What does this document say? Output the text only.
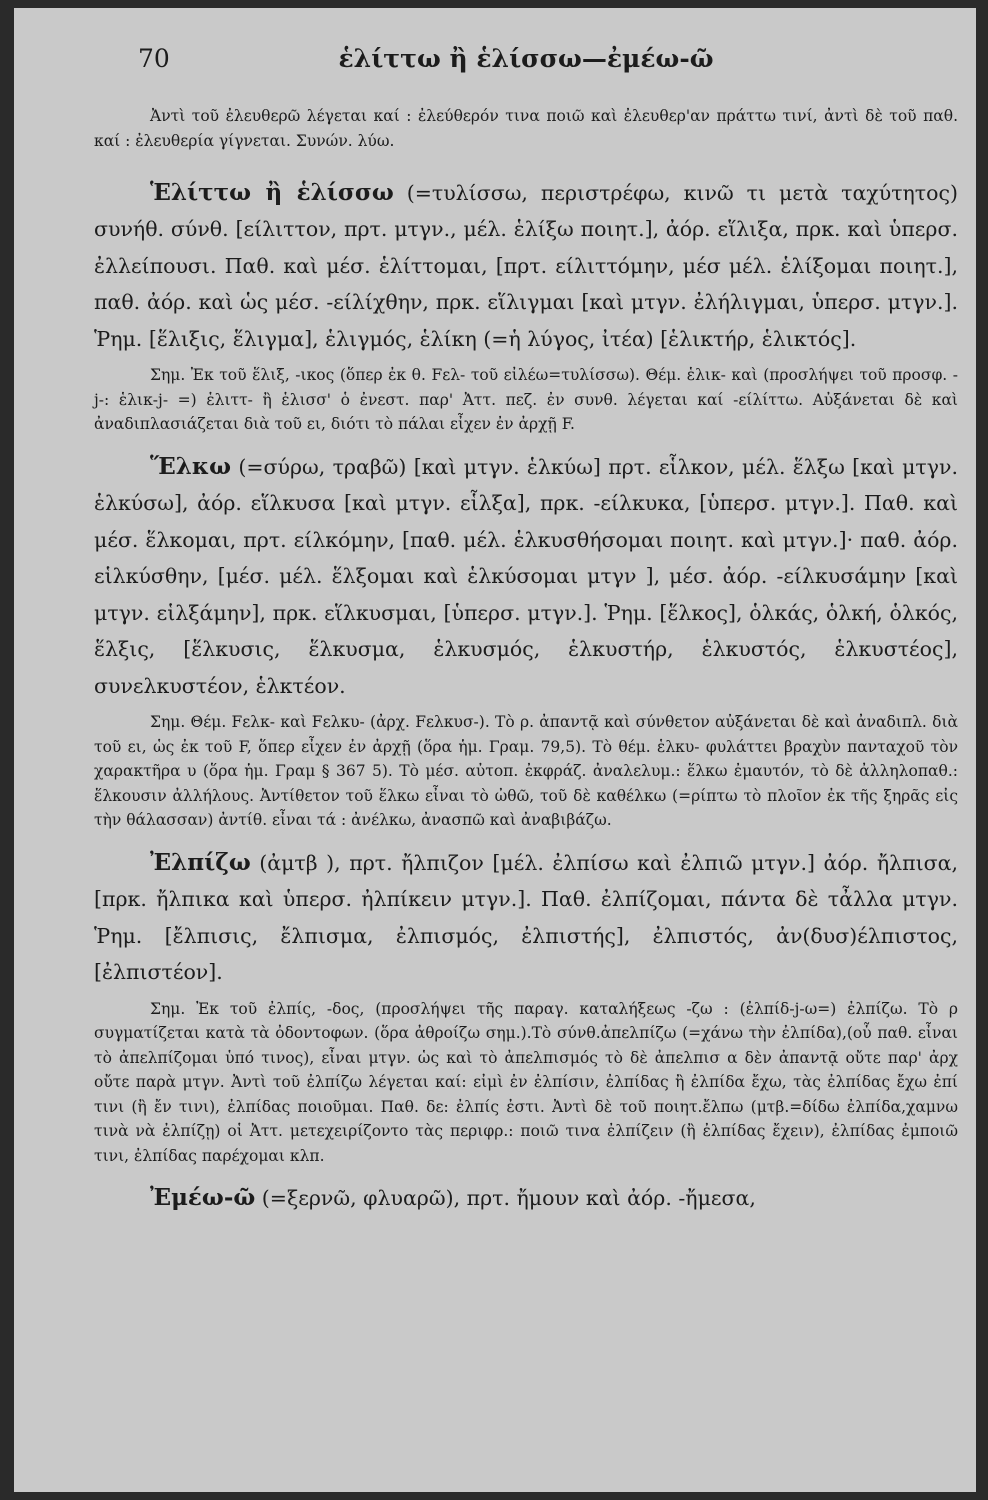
70	ἑλίττω ἢ ἑλίσσω—ἐμέω-ῶ

Ἀντὶ τοῦ ἐλευθερῶ λέγεται καί : ἐλεύθερόν τινα ποιῶ καὶ ἐλευθερ'αν πράττω τινί, ἀντὶ δὲ τοῦ παθ. καί : ἐλευθερία γίγνεται. Συνών. λύω.

Ἑλίττω ἢ ἑλίσσω (=τυλίσσω, περιστρέφω, κινῶ τι μετὰ ταχύτητος) συνήθ. σύνθ. [είλιττον, πρτ. μτγν., μέλ. ἑλίξω ποιητ.], ἀόρ. εἵλιξα, πρκ. καὶ ὑπερσ. ἐλλείπουσι. Παθ. καὶ μέσ. ἑλίττομαι, [πρτ. είλιττόμην, μέσ μέλ. ἑλίξομαι ποιητ.], παθ. ἀόρ. καὶ ὡς μέσ. -είλίχθην, πρκ. εἵλιγμαι [καὶ μτγν. ἐλήλιγμαι, ὑπερσ. μτγν.]. Ῥημ. [ἕλιξις, ἕλιγμα], ἑλιγμός, ἑλίκη (=ἡ λύγος, ἰτέα) [ἑλικτήρ, ἑλικτός].

Σημ. Ἐκ τοῦ ἕλιξ, -ικος (ὅπερ ἐκ θ. Fελ- τοῦ εἰλέω=τυλίσσω). Θέμ. ἑλικ- καὶ (προσλήψει τοῦ προσφ. -j-: ἑλικ-j- =) ἑλιττ- ἢ ἑλισσ' ὁ ἐνεστ. παρ' Ἀττ. πεζ. ἐν συνθ. λέγεται καί -είλίττω. Αὐξάνεται δὲ καὶ ἀναδιπλασιάζεται διὰ τοῦ ει, διότι τὸ πάλαι εἶχεν ἐν ἀρχῇ F.

Ἕλκω (=σύρω, τραβῶ) [καὶ μτγν. ἑλκύω] πρτ. εἷλκον, μέλ. ἕλξω [καὶ μτγν. ἑλκύσω], ἀόρ. εἵλκυσα [καὶ μτγν. εἷλξα], πρκ. -είλκυκα, [ὑπερσ. μτγν.]. Παθ. καὶ μέσ. ἕλκομαι, πρτ. είλκόμην, [παθ. μέλ. ἑλκυσθήσομαι ποιητ. καὶ μτγν.]· παθ. ἀόρ. εἱλκύσθην, [μέσ. μέλ. ἕλξομαι καὶ ἑλκύσομαι μτγν ], μέσ. ἀόρ. -είλκυσάμην [καὶ μτγν. εἱλξάμην], πρκ. εἵλκυσμαι, [ὑπερσ. μτγν.]. Ῥημ. [ἕλκος], ὁλκάς, ὁλκή, ὁλκός, ἕλξις, [ἕλκυσις, ἕλκυσμα, ἑλκυσμός, ἑλκυστήρ, ἑλκυστός, ἑλκυστέος], συνελκυστέον, ἑλκτέον.

Σημ. Θέμ. Fελκ- καὶ Fελκυ- (ἀρχ. Fελκυσ-). Τὸ ρ. ἀπαντᾷ καὶ σύνθετον αὐξάνεται δὲ καὶ ἀναδιπλ. διὰ τοῦ ει, ὡς ἐκ τοῦ F, ὅπερ εἶχεν ἐν ἀρχῇ (ὅρα ἡμ. Γραμ. 79,5). Τὸ θέμ. ἑλκυ- φυλάττει βραχὺν πανταχοῦ τὸν χαρακτῆρα υ (ὅρα ἡμ. Γραμ § 367 5). Τὸ μέσ. αὐτοπ. ἐκφράζ. ἀναλελυμ.: ἕλκω ἐμαυτόν, τὸ δὲ ἀλληλοπαθ.: ἕλκουσιν ἀλλήλους. Ἀντίθετον τοῦ ἕλκω εἶναι τὸ ὠθῶ, τοῦ δὲ καθέλκω (=ρίπτω τὸ πλοῖον ἐκ τῆς ξηρᾶς εἰς τὴν θάλασσαν) ἀντίθ. εἶναι τά : ἀνέλκω, ἀνασπῶ καὶ ἀναβιβάζω.

Ἐλπίζω (ἀμτβ ), πρτ. ἤλπιζον [μέλ. ἐλπίσω καὶ ἐλπιῶ μτγν.] ἀόρ. ἤλπισα, [πρκ. ἤλπικα καὶ ὑπερσ. ἠλπίκειν μτγν.]. Παθ. ἐλπίζομαι, πάντα δὲ τἆλλα μτγν. Ῥημ. [ἔλπισις, ἔλπισμα, ἐλπισμός, ἐλπιστής], ἐλπιστός, ἀν(δυσ)έλπιστος, [ἐλπιστέον].

Σημ. Ἐκ τοῦ ἐλπίς, -δος, (προσλήψει τῆς παραγ. καταλήξεως -ζω : (ἐλπίδ-j-ω=) ἐλπίζω. Τὸ ρ συγματίζεται κατὰ τὰ ὀδοντοφων. (ὅρα ἀθροίζω σημ.).Τὸ σύνθ.ἀπελπίζω (=χάνω τὴν ἐλπίδα),(οὗ παθ. εἶναι τὸ ἀπελπίζομαι ὑπό τινος), εἶναι μτγν. ὡς καὶ τὸ ἀπελπισμός τὸ δὲ ἀπελπισ α δὲν ἀπαντᾷ οὔτε παρ' ἀρχ οὔτε παρὰ μτγν. Ἀντὶ τοῦ ἐλπίζω λέγεται καί: εἰμὶ ἐν ἐλπίσιν, ἐλπίδας ἢ ἐλπίδα ἔχω, τὰς ἐλπίδας ἔχω ἐπί τινι (ἢ ἔν τινι), ἐλπίδας ποιοῦμαι. Παθ. δε: ἐλπίς ἐστι. Ἀντὶ δὲ τοῦ ποιητ.ἔλπω (μτβ.=δίδω ἐλπίδα,χαμνω τινὰ νὰ ἐλπίζῃ) οἱ Ἀττ. μετεχειρίζοντο τὰς περιφρ.: ποιῶ τινα ἐλπίζειν (ἢ ἐλπίδας ἔχειν), ἐλπίδας ἐμποιῶ τινι, ἐλπίδας παρέχομαι κλπ.

Ἐμέω-ῶ (=ξερνῶ, φλυαρῶ), πρτ. ἤμουν καὶ ἀόρ. -ἤμεσα,
